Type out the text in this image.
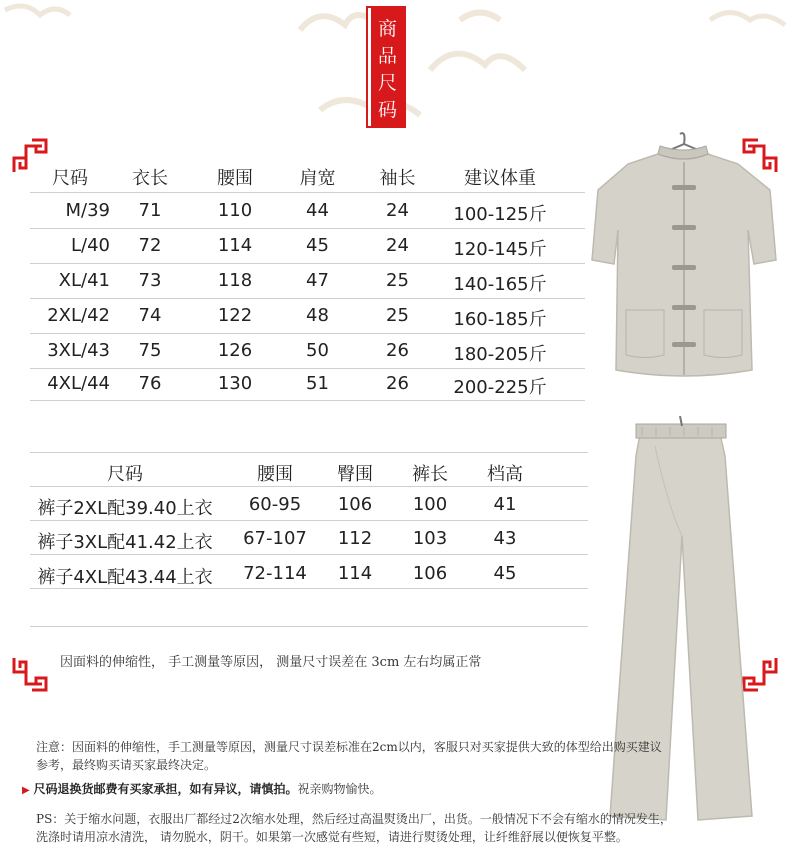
商
品
尺
码
尺码	衣长	腰围	肩宽	袖长	建议体重
M/39	71	110	44	24	100-125斤
L/40	72	114	45	24	120-145斤
XL/41	73	118	47	25	140-165斤
2XL/42	74	122	48	25	160-185斤
3XL/43	75	126	50	26	180-205斤
4XL/44	76	130	51	26	200-225斤
尺码	腰围	臀围	裤长	档高
裤子2XL配39.40上衣	60-95	106	100	41
裤子3XL配41.42上衣	67-107	112	103	43
裤子4XL配43.44上衣	72-114	114	106	45
因面料的伸缩性， 手工测量等原因， 测量尺寸误差在 3cm 左右均属正常
注意：因面料的伸缩性，手工测量等原因，测量尺寸误差标准在2cm以内，客服只对买家提供大致的体型给出购买建议
参考，最终购买请买家最终决定。
▶ 尺码退换货邮费有买家承担，如有异议，请慎拍。祝亲购物愉快。
PS：关于缩水问题，衣服出厂都经过2次缩水处理，然后经过高温熨烫出厂，出货。一般情况下不会有缩水的情况发生，
洗涤时请用凉水清洗， 请勿脱水，阴干。如果第一次感觉有些短，请进行熨烫处理，让纤维舒展以便恢复平整。
